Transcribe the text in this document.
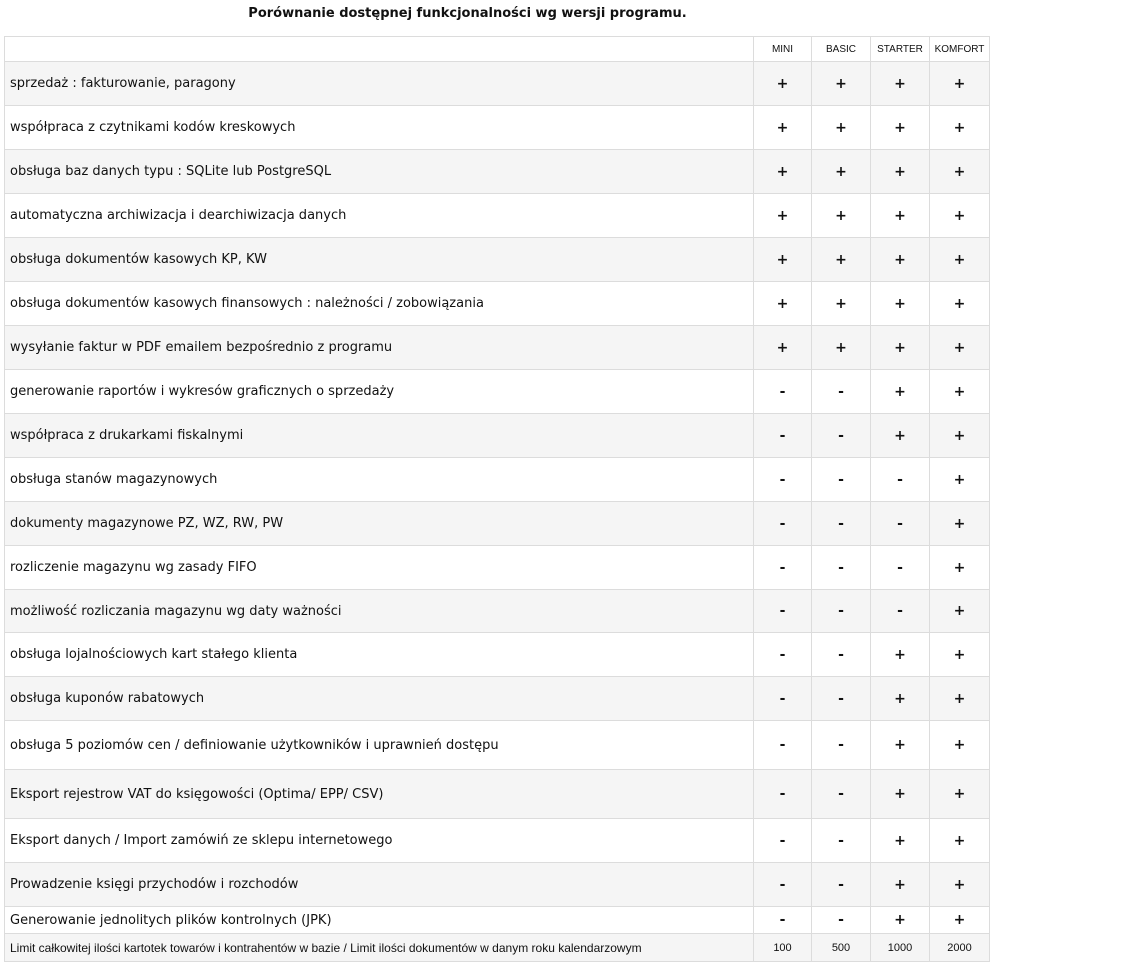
Porównanie dostępnej funkcjonalności wg wersji programu.
	MINI	BASIC	STARTER	KOMFORT
sprzedaż : fakturowanie, paragony	+	+	+	+
współpraca z czytnikami kodów kreskowych	+	+	+	+
obsługa baz danych typu : SQLite lub PostgreSQL	+	+	+	+
automatyczna archiwizacja i dearchiwizacja danych	+	+	+	+
obsługa dokumentów kasowych KP, KW	+	+	+	+
obsługa dokumentów kasowych finansowych : należności / zobowiązania	+	+	+	+
wysyłanie faktur w PDF emailem bezpośrednio z programu	+	+	+	+
generowanie raportów i wykresów graficznych o sprzedaży	-	-	+	+
współpraca z drukarkami fiskalnymi	-	-	+	+
obsługa stanów magazynowych	-	-	-	+
dokumenty magazynowe PZ, WZ, RW, PW	-	-	-	+
rozliczenie magazynu wg zasady FIFO	-	-	-	+
możliwość rozliczania magazynu wg daty ważności	-	-	-	+
obsługa lojalnościowych kart stałego klienta	-	-	+	+
obsługa kuponów rabatowych	-	-	+	+
obsługa 5 poziomów cen / definiowanie użytkowników i uprawnień dostępu	-	-	+	+
Eksport rejestrow VAT do księgowości (Optima/ EPP/ CSV)	-	-	+	+
Eksport danych / Import zamówiń ze sklepu internetowego	-	-	+	+
Prowadzenie księgi przychodów i rozchodów	-	-	+	+
Generowanie jednolitych plików kontrolnych (JPK)	-	-	+	+
Limit całkowitej ilości kartotek towarów i kontrahentów w bazie / Limit ilości dokumentów w danym roku kalendarzowym	100	500	1000	2000
